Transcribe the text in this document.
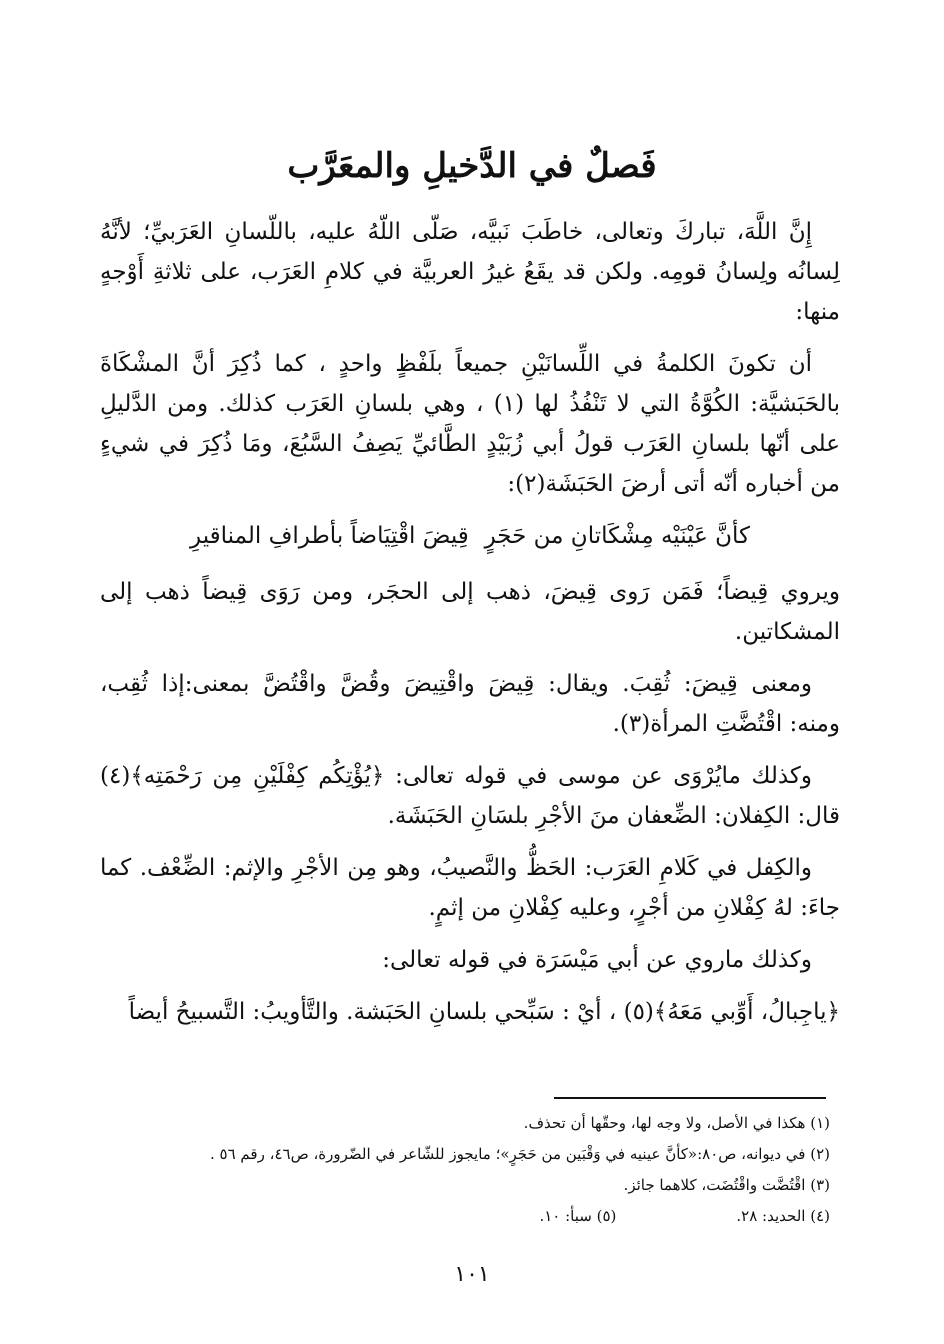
فَصلٌ في الدَّخيلِ والمعَرَّب

إِنَّ اللَّهَ، تباركَ وتعالى، خاطَبَ نَبيَّه، صَلّى اللّهُ عليه، باللّسانِ العَرَبيِّ؛ لأنَّهُ لِسانُه ولِسانُ قومِه. ولكن قد يقَعُ غيرُ العربيَّة في كلامِ العَرَب، على ثلاثةِ أَوْجهٍ منها:

أن تكونَ الكلمةُ في اللِّسانَيْنِ جميعاً بلَفْظٍ واحدٍ ، كما ذُكِرَ أنَّ المشْكَاةَ بالحَبَشيَّة: الكُوَّةُ التي لا تَنْفُذُ لها (١) ، وهي بلسانِ العَرَب كذلك. ومن الدَّليلِ على أنّها بلسانِ العَرَب قولُ أبي زُبَيْدٍ الطَّائيِّ يَصِفُ السَّبُعَ، ومَا ذُكِرَ في شيءٍ من أخباره أنّه أتى أرضَ الحَبَشَة(٢):

كأنَّ عَيْنَيْه مِشْكَاتانِ من حَجَرٍ
قِيضَ اقْتِيَاضاً بأطرافِ المناقيرِ

ويروي قِيضاً؛ فَمَن رَوى قِيضَ، ذهب إلى الحجَر، ومن رَوَى قِيضاً ذهب إلى المشكاتين.

ومعنى قِيضَ: ثُقِبَ. ويقال: قِيضَ واقْتِيضَ وقُضَّ واقْتُضَّ بمعنى:إذا ثُقِب، ومنه: اقْتُضَّتِ المرأة(٣).

وكذلك مايُرْوَى عن موسى في قوله تعالى: ﴿يُؤْتِكُم كِفْلَيْنِ مِن رَحْمَتِه﴾(٤) قال: الكِفلان: الضِّعفان منَ الأجْرِ بلسَانِ الحَبَشَة.

والكِفل في كَلامِ العَرَب: الحَظُّ والنَّصيبُ، وهو مِن الأجْرِ والإثم: الضِّعْف. كما جاءَ: لهُ كِفْلانِ من أجْرٍ، وعليه كِفْلانِ من إثمٍ.

وكذلك ماروي عن أبي مَيْسَرَة في قوله تعالى:

﴿ياجِبالُ، أَوِّبي مَعَهُ﴾(٥) ، أيْ : سَبِّحي بلسانِ الحَبَشة. والتَّأويبُ: التَّسبيحُ أيضاً

(١) هكذا في الأصل، ولا وجه لها، وحقّها أن تحذف.
(٢) في ديوانه، ص٨٠:«كأنَّ عينيه في وَقْبَين من حَجَرٍ»؛ مايجوز للشّاعر في الضّرورة، ص٤٦، رقم ٥٦ .
(٣) اقْتُضَّت واقْتُضَت، كلاهما جائز.
(٤) الحديد: ٢٨.
(٥) سبأ: ١٠.
١٠١
